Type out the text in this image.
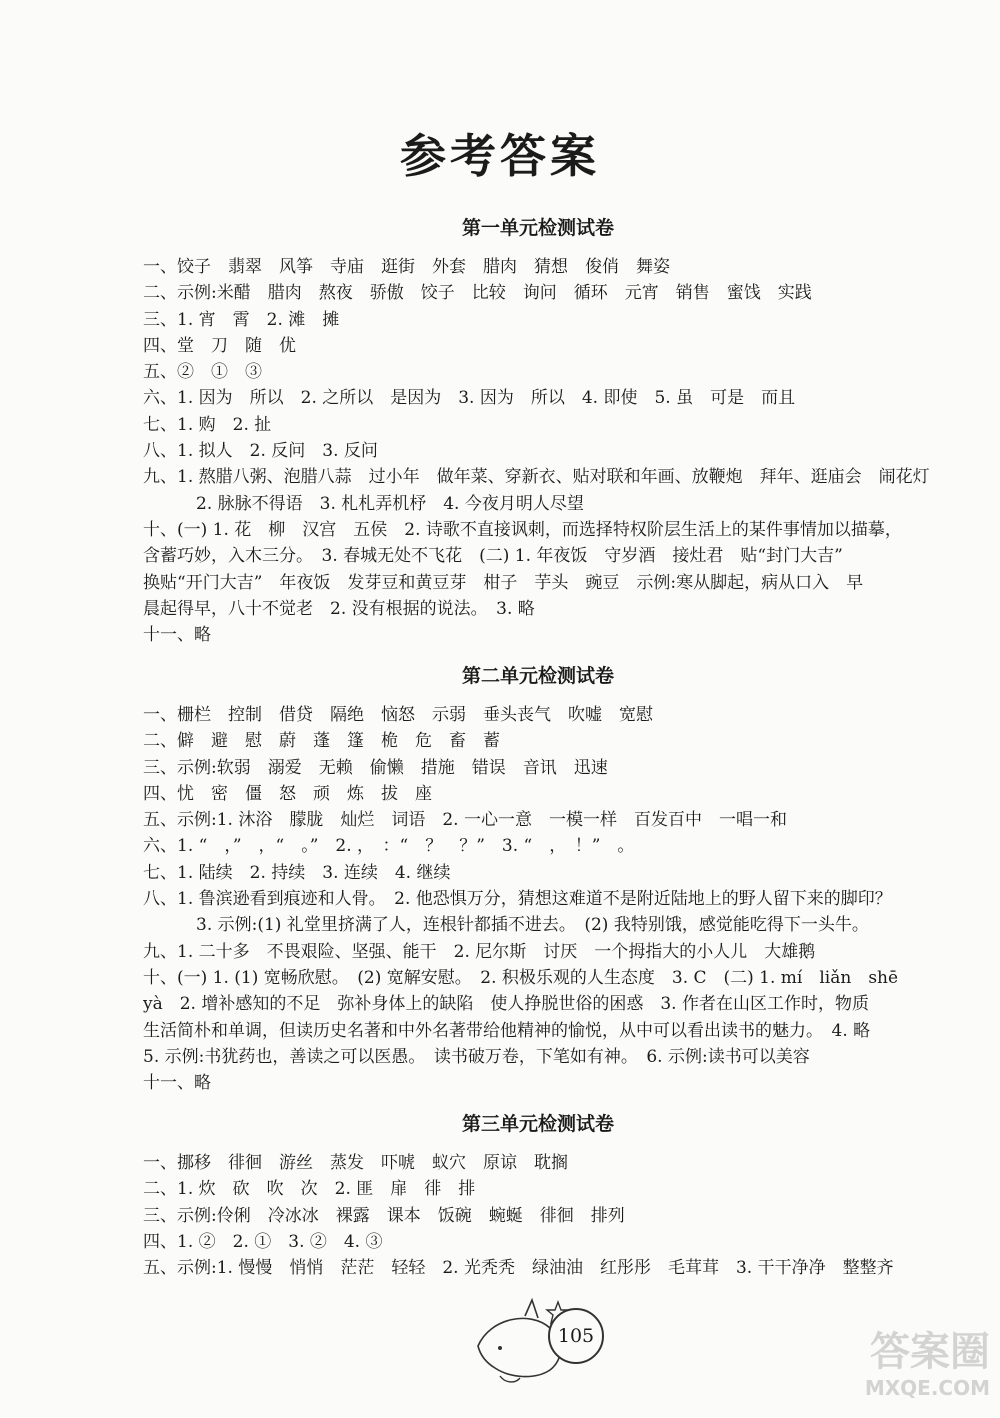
参考答案
第一单元检测试卷
一、饺子　翡翠　风筝　寺庙　逛街　外套　腊肉　猜想　俊俏　舞姿
二、示例:米醋　腊肉　熬夜　骄傲　饺子　比较　询问　循环　元宵　销售　蜜饯　实践
三、1. 宵　霄　2. 滩　摊
四、堂　刀　随　优
五、②　①　③
六、1. 因为　所以　2. 之所以　是因为　3. 因为　所以　4. 即使　5. 虽　可是　而且
七、1. 购　2. 扯
八、1. 拟人　2. 反问　3. 反问
九、1. 熬腊八粥、泡腊八蒜　过小年　做年菜、穿新衣、贴对联和年画、放鞭炮　拜年、逛庙会　闹花灯
　2. 脉脉不得语　3. 札札弄机杼　4. 今夜月明人尽望
十、(一) 1. 花　柳　汉宫　五侯　2. 诗歌不直接讽刺，而选择特权阶层生活上的某件事情加以描摹，
含蓄巧妙，入木三分。　3. 春城无处不飞花　(二) 1. 年夜饭　守岁酒　接灶君　贴“封门大吉”
换贴“开门大吉”　年夜饭　发芽豆和黄豆芽　柑子　芋头　豌豆　示例:寒从脚起，病从口入　早
晨起得早，八十不觉老　2. 没有根据的说法。　3. 略
十一、略
第二单元检测试卷
一、栅栏　控制　借贷　隔绝　恼怒　示弱　垂头丧气　吹嘘　宽慰
二、僻　避　慰　蔚　蓬　篷　桅　危　畜　蓄
三、示例:软弱　溺爱　无赖　偷懒　措施　错误　音讯　迅速
四、忧　密　僵　怒　顽　炼　拔　座
五、示例:1. 沐浴　朦胧　灿烂　词语　2. 一心一意　一模一样　百发百中　一唱一和
六、1. “　，”　，“　。”　2. ，　：“　？　？”　3. “　，　！”　。
七、1. 陆续　2. 持续　3. 连续　4. 继续
八、1. 鲁滨逊看到痕迹和人骨。　2. 他恐惧万分，猜想这难道不是附近陆地上的野人留下来的脚印？
　3. 示例:(1) 礼堂里挤满了人，连根针都插不进去。　(2) 我特别饿，感觉能吃得下一头牛。
九、1. 二十多　不畏艰险、坚强、能干　2. 尼尔斯　讨厌　一个拇指大的小人儿　大雄鹅
十、(一) 1. (1) 宽畅欣慰。　(2) 宽解安慰。　2. 积极乐观的人生态度　3. C　(二) 1. mí　liǎn　shē
yà　2. 增补感知的不足　弥补身体上的缺陷　使人挣脱世俗的困惑　3. 作者在山区工作时，物质
生活简朴和单调，但读历史名著和中外名著带给他精神的愉悦，从中可以看出读书的魅力。　4. 略
5. 示例:书犹药也，善读之可以医愚。　读书破万卷，下笔如有神。　6. 示例:读书可以美容
十一、略
第三单元检测试卷
一、挪移　徘徊　游丝　蒸发　吓唬　蚁穴　原谅　耽搁
二、1. 炊　砍　吹　次　2. 匪　扉　徘　排
三、示例:伶俐　冷冰冰　裸露　课本　饭碗　蜿蜒　徘徊　排列
四、1. ②　2. ①　3. ②　4. ③
五、示例:1. 慢慢　悄悄　茫茫　轻轻　2. 光秃秃　绿油油　红彤彤　毛茸茸　3. 干干净净　整整齐
105	答案圈
MXQE.COM
